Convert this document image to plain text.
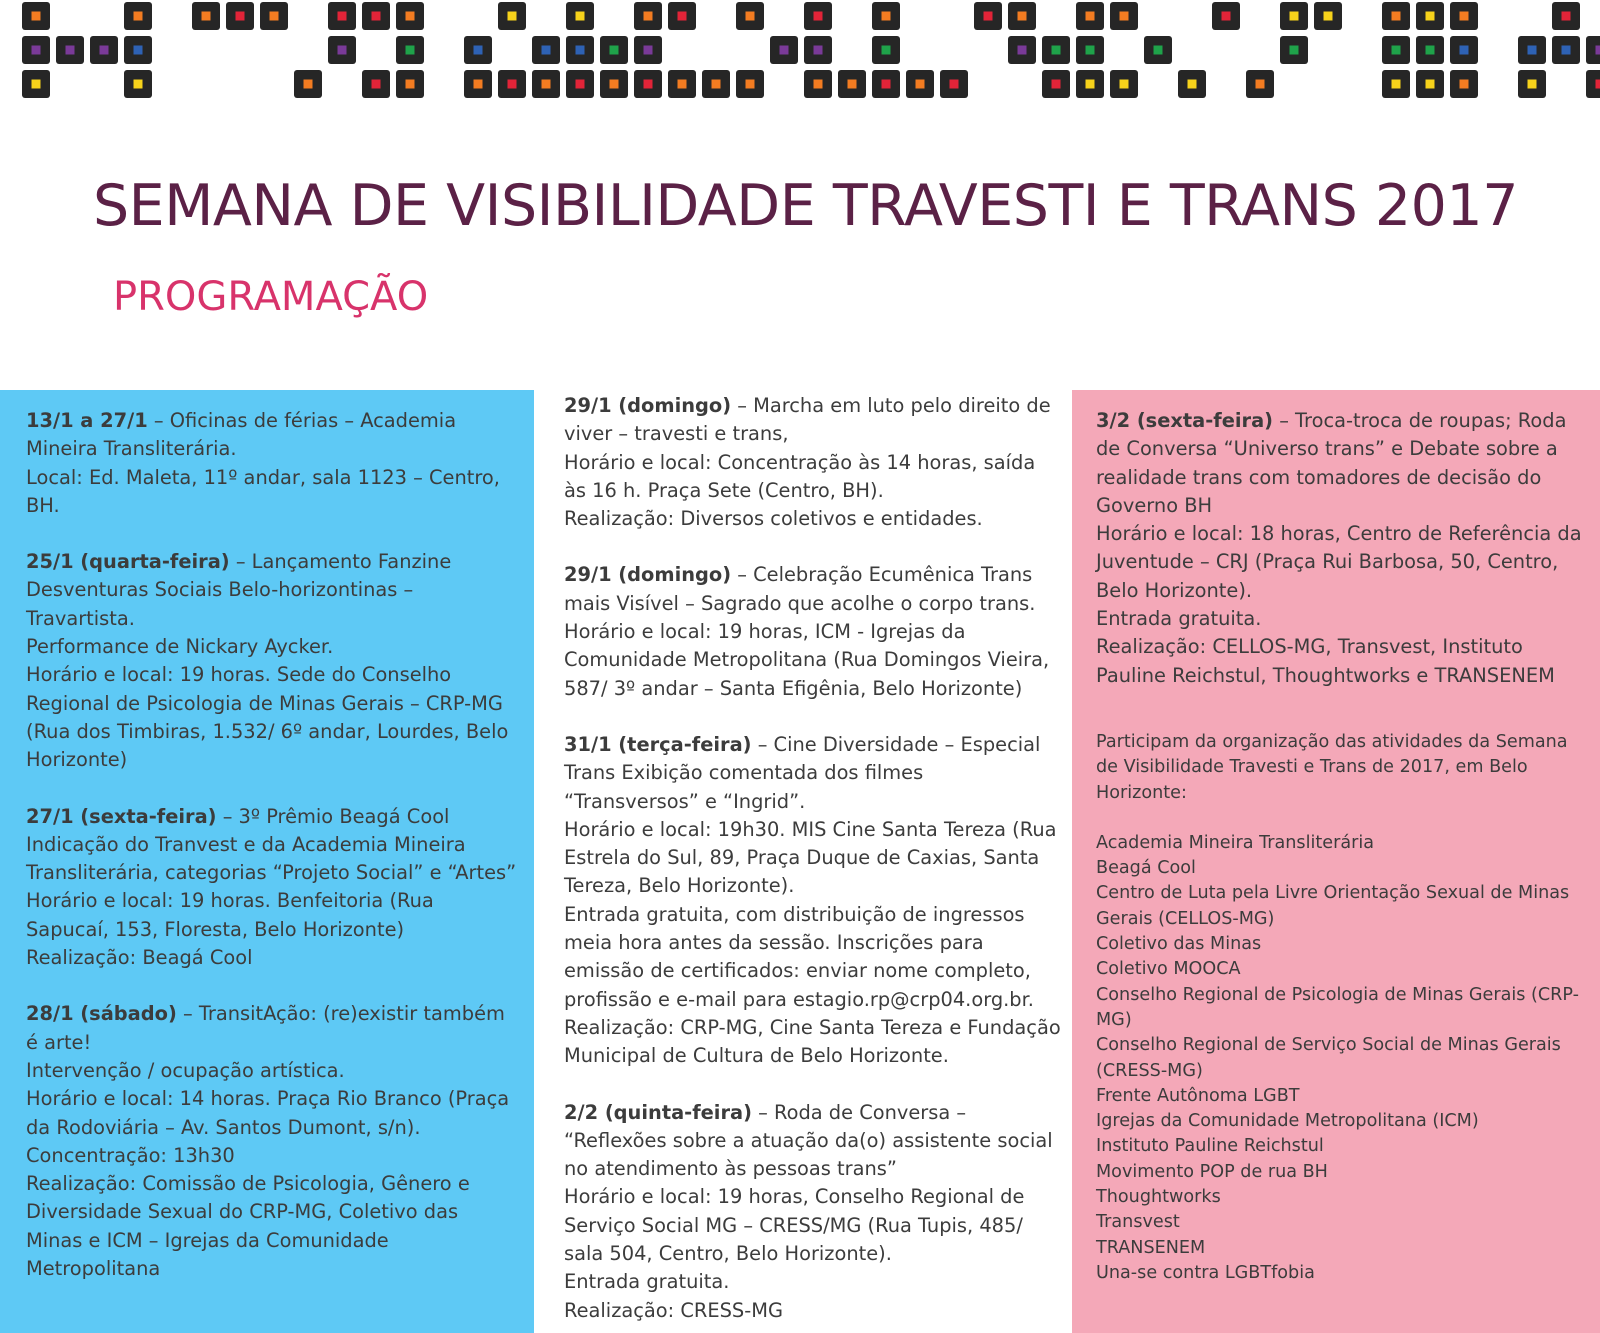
SEMANA DE VISIBILIDADE TRAVESTI E TRANS 2017
PROGRAMAÇÃO

13/1 a 27/1 – Oficinas de férias – Academia Mineira Transliterária.

Local: Ed. Maleta, 11º andar, sala 1123 – Centro, BH.

25/1 (quarta-feira) – Lançamento Fanzine Desventuras Sociais Belo-horizontinas – Travartista.

Performance de Nickary Aycker.

Horário e local: 19 horas. Sede do Conselho Regional de Psicologia de Minas Gerais – CRP-MG (Rua dos Timbiras, 1.532/ 6º andar, Lourdes, Belo Horizonte)

27/1 (sexta-feira) – 3º Prêmio Beagá Cool Indicação do Tranvest e da Academia Mineira Transliterária, categorias “Projeto Social” e “Artes”

Horário e local: 19 horas. Benfeitoria (Rua Sapucaí, 153, Floresta, Belo Horizonte)

Realização: Beagá Cool

28/1 (sábado) – TransitAção: (re)existir também é arte!

Intervenção / ocupação artística.

Horário e local: 14 horas. Praça Rio Branco (Praça da Rodoviária – Av. Santos Dumont, s/n).

Concentração: 13h30

Realização: Comissão de Psicologia, Gênero e Diversidade Sexual do CRP-MG, Coletivo das Minas e ICM – Igrejas da Comunidade Metropolitana

29/1 (domingo) – Marcha em luto pelo direito de viver – travesti e trans,

Horário e local: Concentração às 14 horas, saída às 16 h. Praça Sete (Centro, BH).

Realização: Diversos coletivos e entidades.

29/1 (domingo) – Celebração Ecumênica Trans mais Visível – Sagrado que acolhe o corpo trans.

Horário e local: 19 horas, ICM - Igrejas da Comunidade Metropolitana (Rua Domingos Vieira, 587/ 3º andar – Santa Efigênia, Belo Horizonte)

31/1 (terça-feira) – Cine Diversidade – Especial Trans Exibição comentada dos filmes “Transversos” e “Ingrid”.

Horário e local: 19h30. MIS Cine Santa Tereza (Rua Estrela do Sul, 89, Praça Duque de Caxias, Santa Tereza, Belo Horizonte).

Entrada gratuita, com distribuição de ingressos meia hora antes da sessão. Inscrições para emissão de certificados: enviar nome completo, profissão e e-mail para estagio.rp@crp04.org.br.

Realização: CRP-MG, Cine Santa Tereza e Fundação Municipal de Cultura de Belo Horizonte.

2/2 (quinta-feira) – Roda de Conversa – “Reflexões sobre a atuação da(o) assistente social no atendimento às pessoas trans”

Horário e local: 19 horas, Conselho Regional de Serviço Social MG – CRESS/MG (Rua Tupis, 485/ sala 504, Centro, Belo Horizonte).

Entrada gratuita.

Realização: CRESS-MG

3/2 (sexta-feira) – Troca-troca de roupas; Roda de Conversa “Universo trans” e Debate sobre a realidade trans com tomadores de decisão do Governo BH

Horário e local: 18 horas, Centro de Referência da Juventude – CRJ (Praça Rui Barbosa, 50, Centro, Belo Horizonte).

Entrada gratuita.

Realização: CELLOS-MG, Transvest, Instituto Pauline Reichstul, Thoughtworks e TRANSENEM

Participam da organização das atividades da Semana de Visibilidade Travesti e Trans de 2017, em Belo Horizonte:

Academia Mineira Transliterária
Beagá Cool
Centro de Luta pela Livre Orientação Sexual de Minas Gerais (CELLOS-MG)
Coletivo das Minas
Coletivo MOOCA
Conselho Regional de Psicologia de Minas Gerais (CRP-MG)
Conselho Regional de Serviço Social de Minas Gerais (CRESS-MG)
Frente Autônoma LGBT
Igrejas da Comunidade Metropolitana (ICM)
Instituto Pauline Reichstul
Movimento POP de rua BH
Thoughtworks
Transvest
TRANSENEM
Una-se contra LGBTfobia
